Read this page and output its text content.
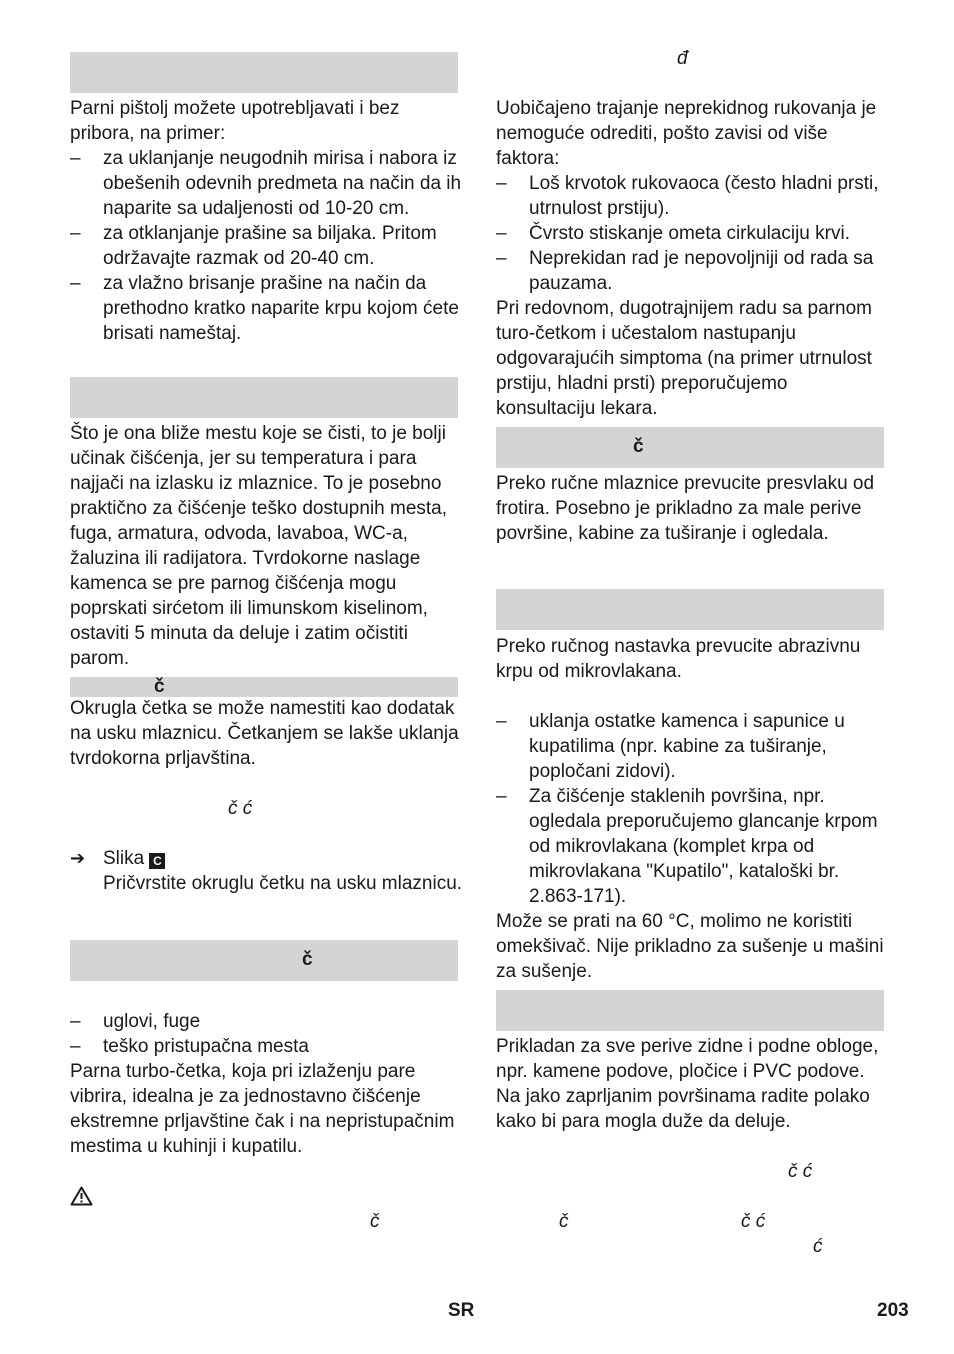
Parni pištolj možete upotrebljavati i bez pribora, na primer:

– za uklanjanje neugodnih mirisa i nabora iz obešenih odevnih predmeta na način da ih naparite sa udaljenosti od 10-20 cm.
– za otklanjanje prašine sa biljaka. Pritom održavajte razmak od 20-40 cm.
– za vlažno brisanje prašine na način da prethodno kratko naparite krpu kojom ćete brisati nameštaj.

Što je ona bliže mestu koje se čisti, to je bolji učinak čišćenja, jer su temperatura i para najjači na izlasku iz mlaznice. To je posebno praktično za čišćenje teško dostupnih mesta, fuga, armatura, odvoda, lavaboa, WC-a, žaluzina ili radijatora. Tvrdokorne naslage kamenca se pre parnog čišćenja mogu poprskati sirćetom ili limunskom kiselinom, ostaviti 5 minuta da deluje i zatim očistiti parom.

č

Okrugla četka se može namestiti kao dodatak na usku mlaznicu. Četkanjem se lakše uklanja tvrdokorna prljavština.

č ć
➔ Slika C
Pričvrstite okruglu četku na usku mlaznicu.
č
– uglovi, fuge
– teško pristupačna mesta

Parna turbo-četka, koja pri izlaženju pare vibrira, idealna je za jednostavno čišćenje ekstremne prljavštine čak i na nepristupačnim mestima u kuhinji i kupatilu.

č
đ

Uobičajeno trajanje neprekidnog rukovanja je nemoguće odrediti, pošto zavisi od više faktora:

– Loš krvotok rukovaoca (često hladni prsti, utrnulost prstiju).
– Čvrsto stiskanje ometa cirkulaciju krvi.
– Neprekidan rad je nepovoljniji od rada sa pauzama.

Pri redovnom, dugotrajnijem radu sa parnom turo-četkom i učestalom nastupanju odgovarajućih simptoma (na primer utrnulost prstiju, hladni prsti) preporučujemo konsultaciju lekara.

č

Preko ručne mlaznice prevucite presvlaku od frotira. Posebno je prikladno za male perive površine, kabine za tuširanje i ogledala.

Preko ručnog nastavka prevucite abrazivnu krpu od mikrovlakana.

– uklanja ostatke kamenca i sapunice u kupatilima (npr. kabine za tuširanje, popločani zidovi).
– Za čišćenje staklenih površina, npr. ogledala preporučujemo glancanje krpom od mikrovlakana (komplet krpa od mikrovlakana "Kupatilo", kataloški br. 2.863-171).

Može se prati na 60 °C, molimo ne koristiti omekšivač. Nije prikladno za sušenje u mašini za sušenje.

Prikladan za sve perive zidne i podne obloge, npr. kamene podove, pločice i PVC podove. Na jako zaprljanim površinama radite polako kako bi para mogla duže da deluje.

č ć
č	č ć
ć
SR	203
